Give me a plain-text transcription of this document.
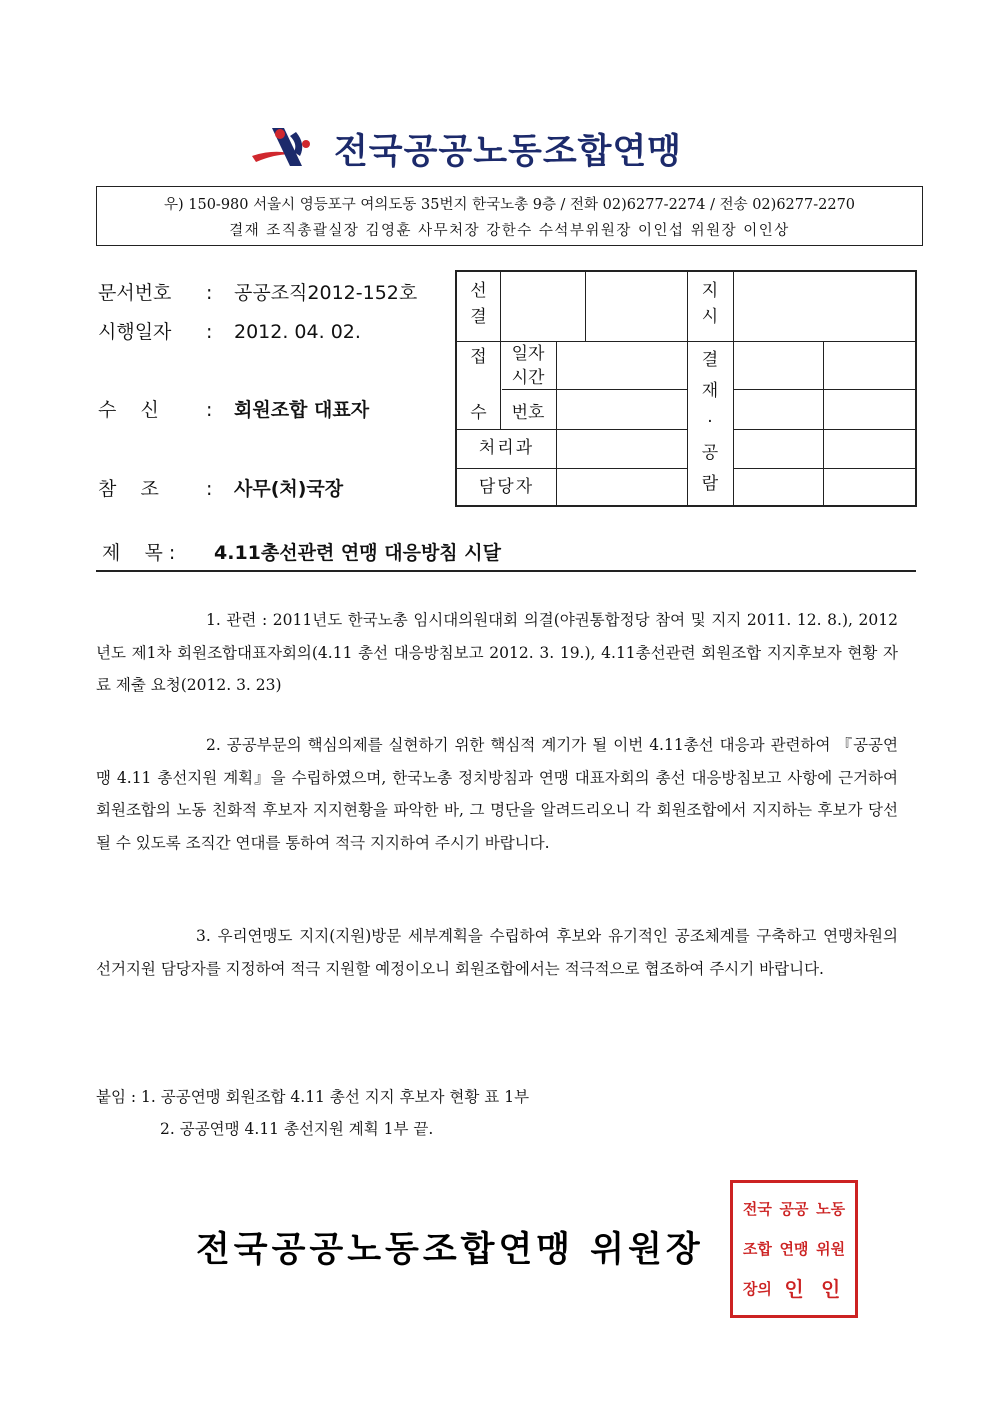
전국공공노동조합연맹
우) 150-980 서울시 영등포구 여의도동 35번지 한국노총 9층 / 전화 02)6277-2274 / 전송 02)6277-2270
결재 조직총괄실장 김영훈 사무처장 강한수 수석부위원장 이인섭 위원장 이인상
문서번호 : 공공조직2012-152호
시행일자 : 2012. 04. 02.
수    신 : 회원조합 대표자
참    조 : 사무(처)국장
선
결
지
시
접
수
일자
시간
번호
처리과
담당자
결
재
·
공
람
제    목 : 4.11총선관련 연맹 대응방침 시달
1. 관련 : 2011년도 한국노총 임시대의원대회 의결(야권통합정당 참여 및 지지 2011. 12. 8.), 2012년도 제1차 회원조합대표자회의(4.11 총선 대응방침보고 2012. 3. 19.), 4.11총선관련 회원조합 지지후보자 현황 자료 제출 요청(2012. 3. 23)
2. 공공부문의 핵심의제를 실현하기 위한 핵심적 계기가 될 이번 4.11총선 대응과 관련하여 『공공연맹 4.11 총선지원 계획』을 수립하였으며, 한국노총 정치방침과 연맹 대표자회의 총선 대응방침보고 사항에 근거하여 회원조합의 노동 친화적 후보자 지지현황을 파악한 바, 그 명단을 알려드리오니 각 회원조합에서 지지하는 후보가 당선될 수 있도록 조직간 연대를 통하여 적극 지지하여 주시기 바랍니다.
3. 우리연맹도 지지(지원)방문 세부계획을 수립하여 후보와 유기적인 공조체계를 구축하고 연맹차원의 선거지원 담당자를 지정하여 적극 지원할 예정이오니 회원조합에서는 적극적으로 협조하여 주시기 바랍니다.
붙임 : 1. 공공연맹 회원조합 4.11 총선 지지 후보자 현황 표 1부
2. 공공연맹 4.11 총선지원 계획 1부 끝.
전국공공노동조합연맹 위원장
전국 공공 노동
조합 연맹 위원
장의 인 인
